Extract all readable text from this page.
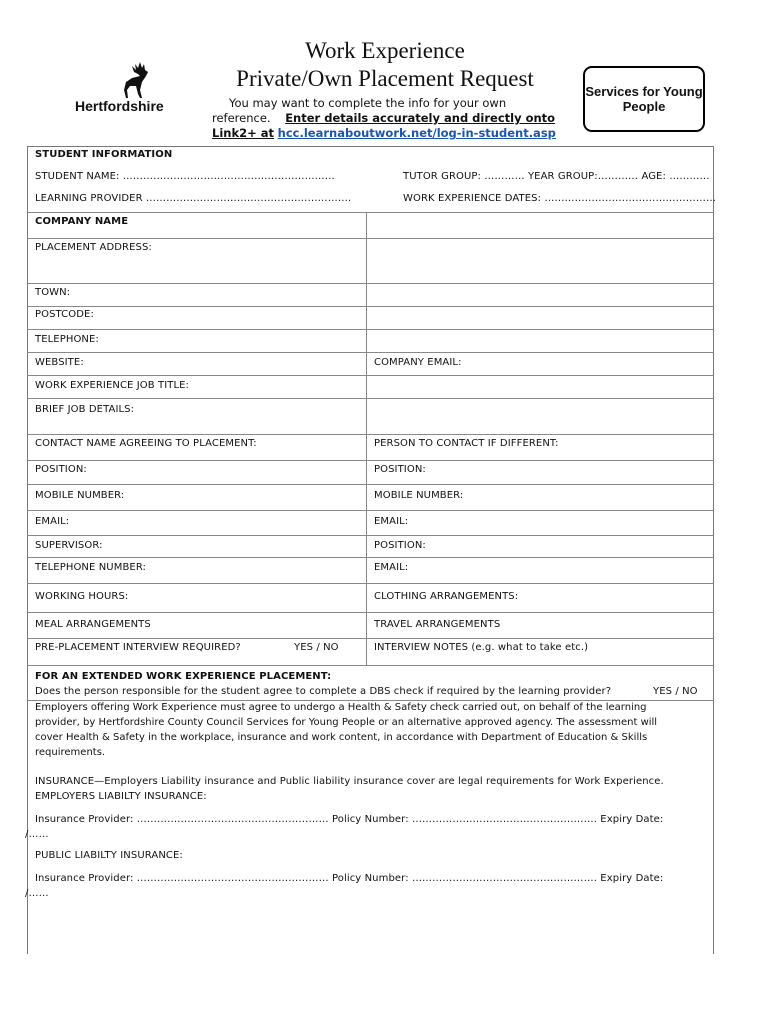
Hertfordshire
Work Experience
Private/Own Placement Request
You may want to complete the info for your own
reference. Enter details accurately and directly onto
Link2+ at hcc.learnaboutwork.net/log-in-student.asp
Services for Young People
STUDENT INFORMATION
STUDENT NAME: ………………………………………………………	TUTOR GROUP: ………… YEAR GROUP:………… AGE: …………
LEARNING PROVIDER …………………………………………………….	WORK EXPERIENCE DATES: ……………………………………………
COMPANY NAME
PLACEMENT ADDRESS:
TOWN:
POSTCODE:
TELEPHONE:
WEBSITE:	COMPANY EMAIL:
WORK EXPERIENCE JOB TITLE:
BRIEF JOB DETAILS:
CONTACT NAME AGREEING TO PLACEMENT:	PERSON TO CONTACT IF DIFFERENT:
POSITION:	POSITION:
MOBILE NUMBER:	MOBILE NUMBER:
EMAIL:	EMAIL:
SUPERVISOR:	POSITION:
TELEPHONE NUMBER:	EMAIL:
WORKING HOURS:	CLOTHING ARRANGEMENTS:
MEAL ARRANGEMENTS	TRAVEL ARRANGEMENTS
PRE-PLACEMENT INTERVIEW REQUIRED?	YES / NO	INTERVIEW NOTES (e.g. what to take etc.)
FOR AN EXTENDED WORK EXPERIENCE PLACEMENT:
Does the person responsible for the student agree to complete a DBS check if required by the learning provider?	YES / NO
Employers offering Work Experience must agree to undergo a Health & Safety check carried out, on behalf of the learning
provider, by Hertfordshire County Council Services for Young People or an alternative approved agency. The assessment will
cover Health & Safety in the workplace, insurance and work content, in accordance with Department of Education & Skills
requirements.
INSURANCE—Employers Liability insurance and Public liability insurance cover are legal requirements for Work Experience.
EMPLOYERS LIABILTY INSURANCE:
Insurance Provider: ………………………………………………… Policy Number: ………………………………………………. Expiry Date:
/……
PUBLIC LIABILTY INSURANCE:
Insurance Provider: ………………………………………………… Policy Number: ………………………………………………. Expiry Date:
/……
